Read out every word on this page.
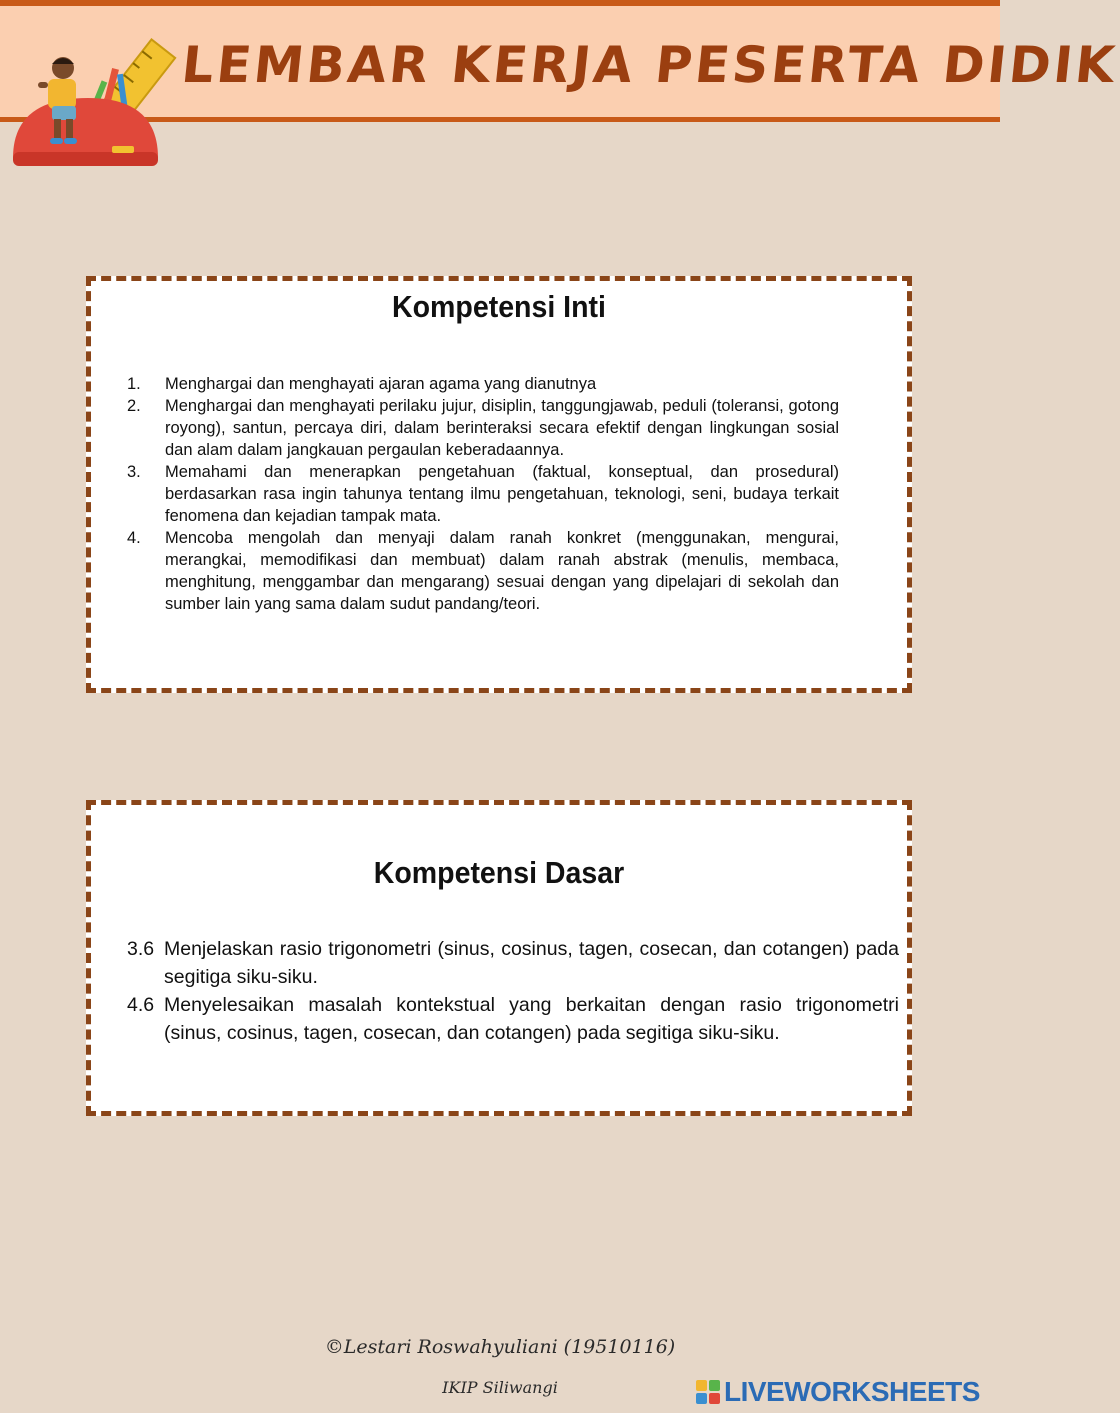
LEMBAR KERJA PESERTA DIDIK
Kompetensi Inti
1.	Menghargai dan menghayati ajaran agama yang dianutnya
2.	Menghargai dan menghayati perilaku jujur, disiplin, tanggungjawab, peduli (toleransi, gotong royong), santun, percaya diri, dalam berinteraksi secara efektif dengan lingkungan sosial dan alam dalam jangkauan pergaulan keberadaannya.
3.	Memahami dan menerapkan pengetahuan (faktual, konseptual, dan prosedural) berdasarkan rasa ingin tahunya tentang ilmu pengetahuan, teknologi, seni, budaya terkait fenomena dan kejadian tampak mata.
4.	Mencoba mengolah dan menyaji dalam ranah konkret (menggunakan, mengurai, merangkai, memodifikasi dan membuat) dalam ranah abstrak (menulis, membaca, menghitung, menggambar dan mengarang) sesuai dengan yang dipelajari di sekolah dan sumber lain yang sama dalam sudut pandang/teori.
Kompetensi Dasar
3.6 Menjelaskan rasio trigonometri (sinus, cosinus, tagen, cosecan, dan cotangen) pada segitiga siku-siku.
4.6 Menyelesaikan masalah kontekstual yang berkaitan dengan rasio trigonometri (sinus, cosinus, tagen, cosecan, dan cotangen) pada segitiga siku-siku.
©Lestari Roswahyuliani (19510116)
IKIP Siliwangi	LIVEWORKSHEETS
